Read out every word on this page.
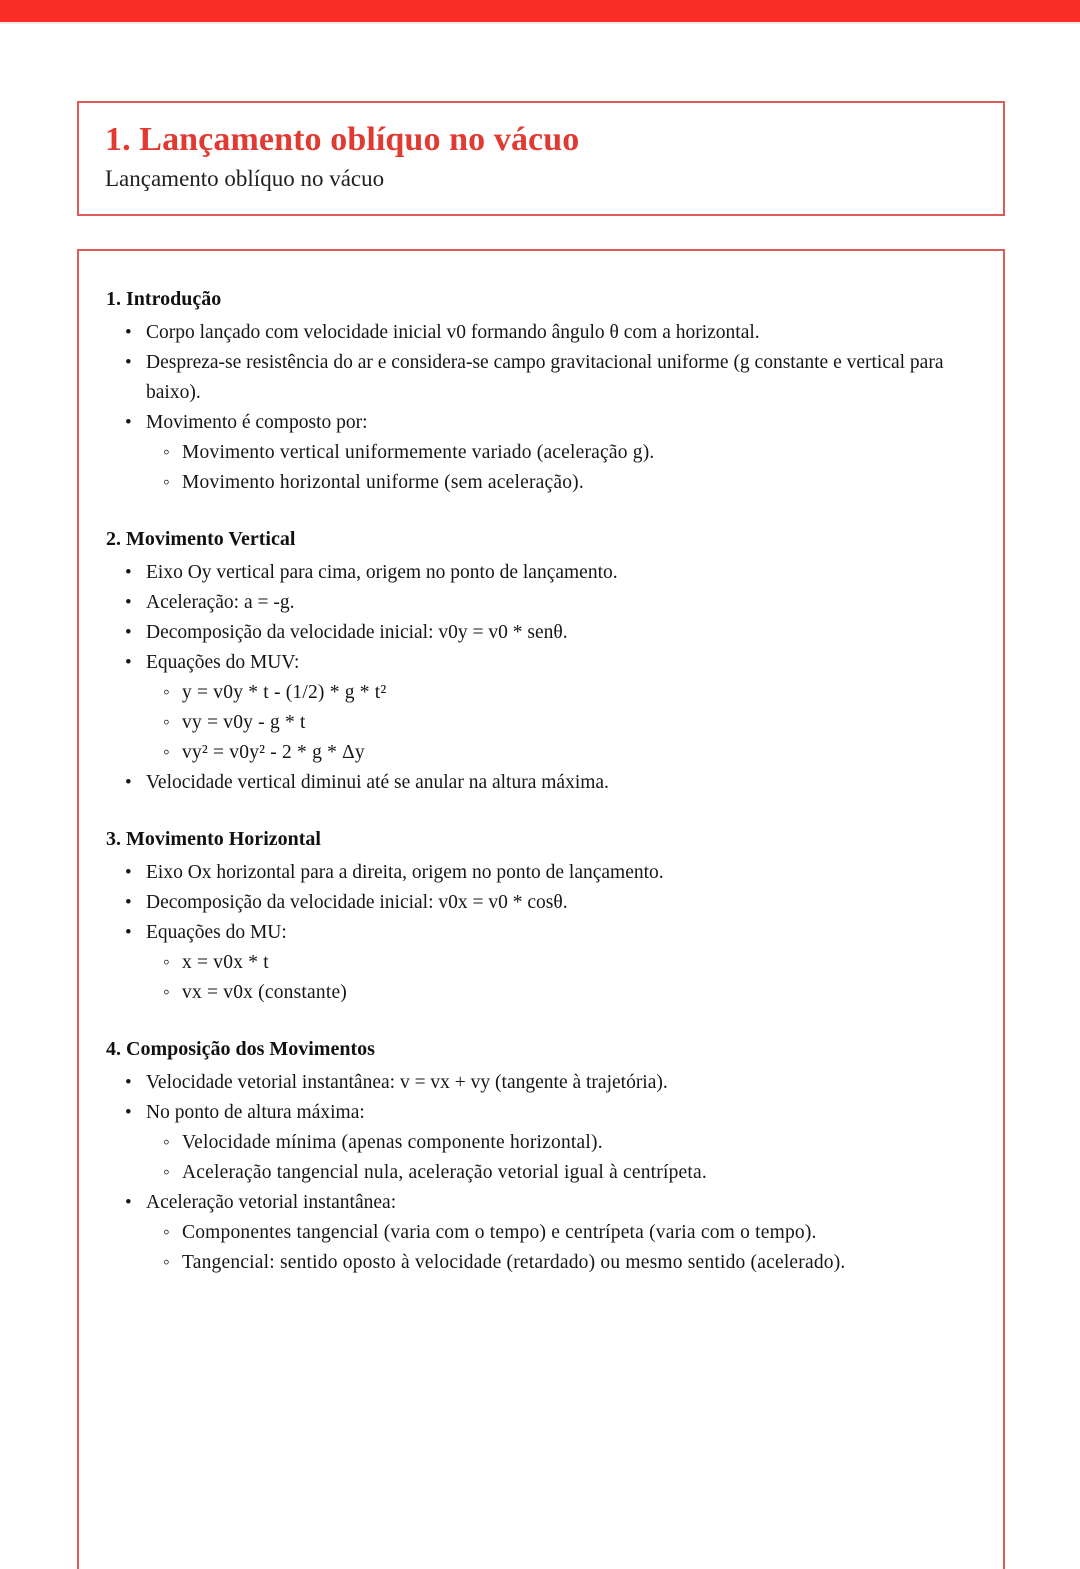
1. Lançamento oblíquo no vácuo

Lançamento oblíquo no vácuo

1. Introdução
• Corpo lançado com velocidade inicial v0 formando ângulo θ com a horizontal.
• Despreza-se resistência do ar e considera-se campo gravitacional uniforme (g constante e vertical para baixo).
• Movimento é composto por:
◦ Movimento vertical uniformemente variado (aceleração g).
◦ Movimento horizontal uniforme (sem aceleração).
2. Movimento Vertical
• Eixo Oy vertical para cima, origem no ponto de lançamento.
• Aceleração: a = -g.
• Decomposição da velocidade inicial: v0y = v0 * senθ.
• Equações do MUV:
◦ y = v0y * t - (1/2) * g * t²
◦ vy = v0y - g * t
◦ vy² = v0y² - 2 * g * Δy
• Velocidade vertical diminui até se anular na altura máxima.
3. Movimento Horizontal
• Eixo Ox horizontal para a direita, origem no ponto de lançamento.
• Decomposição da velocidade inicial: v0x = v0 * cosθ.
• Equações do MU:
◦ x = v0x * t
◦ vx = v0x (constante)
4. Composição dos Movimentos
• Velocidade vetorial instantânea: v = vx + vy (tangente à trajetória).
• No ponto de altura máxima:
◦ Velocidade mínima (apenas componente horizontal).
◦ Aceleração tangencial nula, aceleração vetorial igual à centrípeta.
• Aceleração vetorial instantânea:
◦ Componentes tangencial (varia com o tempo) e centrípeta (varia com o tempo).
◦ Tangencial: sentido oposto à velocidade (retardado) ou mesmo sentido (acelerado).
